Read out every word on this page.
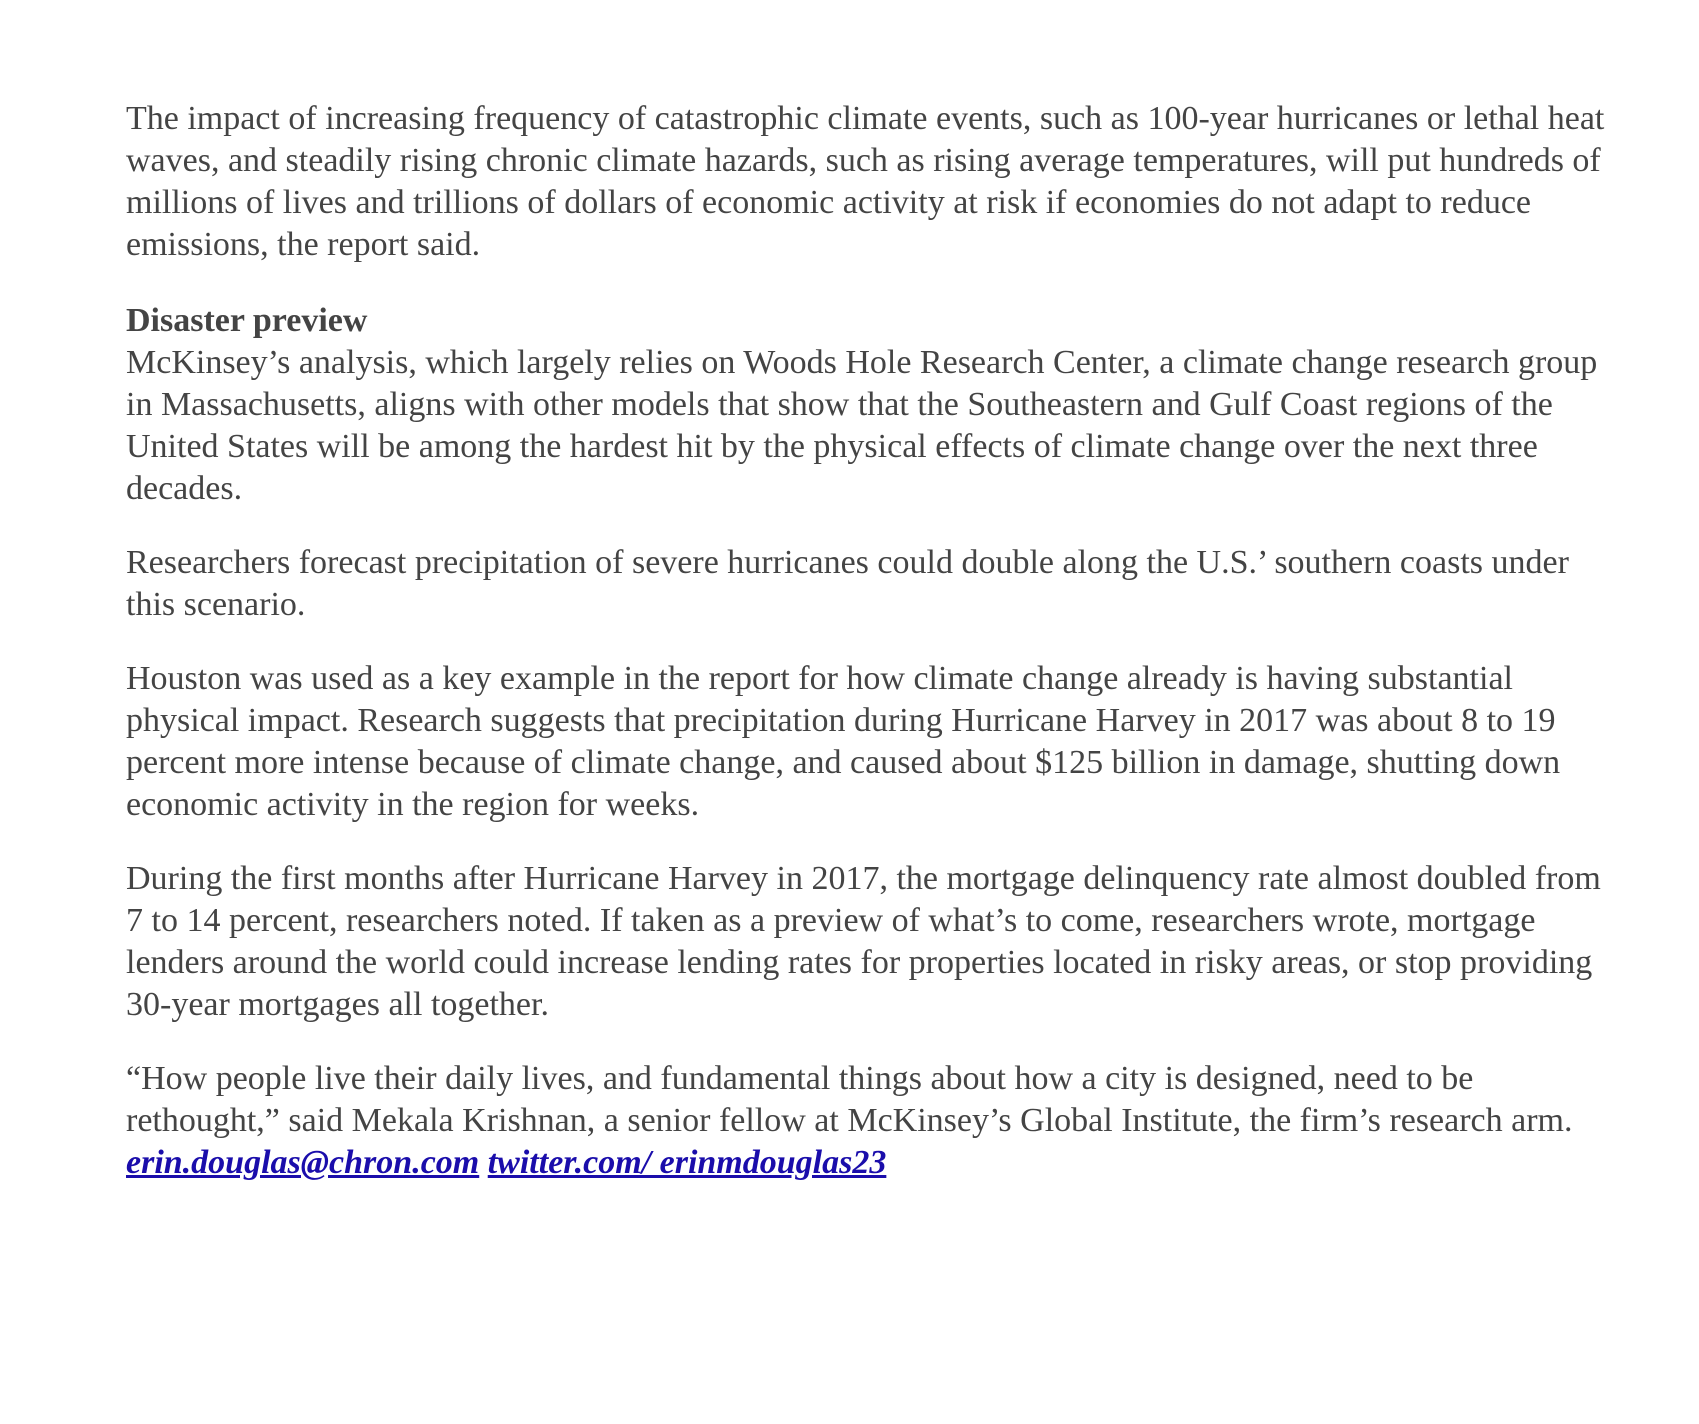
The impact of increasing frequency of catastrophic climate events, such as 100-year hurricanes or lethal heat waves, and steadily rising chronic climate hazards, such as rising average temperatures, will put hundreds of millions of lives and trillions of dollars of economic activity at risk if economies do not adapt to reduce emissions, the report said.

Disaster preview

McKinsey’s analysis, which largely relies on Woods Hole Research Center, a climate change research group in Massachusetts, aligns with other models that show that the Southeastern and Gulf Coast regions of the United States will be among the hardest hit by the physical effects of climate change over the next three decades.

Researchers forecast precipitation of severe hurricanes could double along the U.S.’ southern coasts under this scenario.

Houston was used as a key example in the report for how climate change already is having substantial physical impact. Research suggests that precipitation during Hurricane Harvey in 2017 was about 8 to 19 percent more intense because of climate change, and caused about $125 billion in damage, shutting down economic activity in the region for weeks.

During the first months after Hurricane Harvey in 2017, the mortgage delinquency rate almost doubled from 7 to 14 percent, researchers noted. If taken as a preview of what’s to come, researchers wrote, mortgage lenders around the world could increase lending rates for properties located in risky areas, or stop providing 30-year mortgages all together.

“How people live their daily lives, and fundamental things about how a city is designed, need to be rethought,” said Mekala Krishnan, a senior fellow at McKinsey’s Global Institute, the firm’s research arm. erin.douglas@chron.com twitter.com/ erinmdouglas23
